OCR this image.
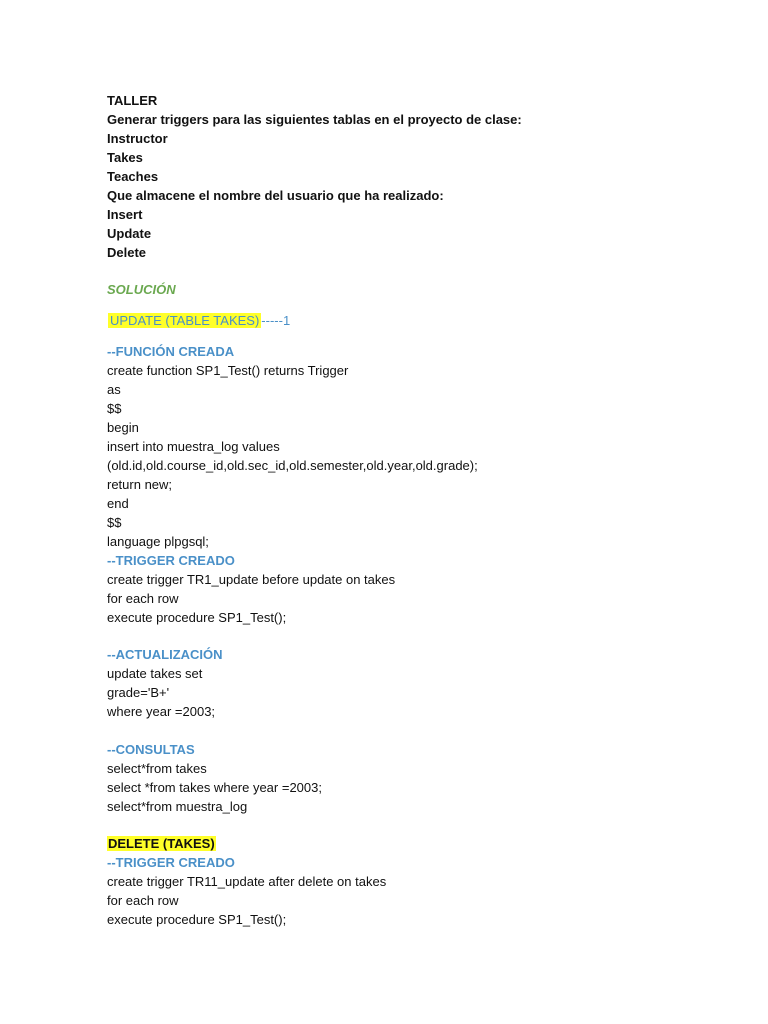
TALLER

Generar triggers para las siguientes tablas en el proyecto de clase:

Instructor

Takes

Teaches

Que almacene el nombre del usuario que ha realizado:

Insert

Update

Delete

SOLUCIÓN

UPDATE (TABLE TAKES) -----1

--FUNCIÓN CREADA

create function SP1_Test() returns Trigger

as

$$

begin

insert into muestra_log values

(old.id,old.course_id,old.sec_id,old.semester,old.year,old.grade);

return new;

end

$$

language plpgsql;

--TRIGGER CREADO

create trigger TR1_update before update on takes

for each row

execute procedure SP1_Test();

--ACTUALIZACIÓN

update takes set

grade='B+'

where year =2003;

--CONSULTAS

select*from takes

select *from takes where year =2003;

select*from muestra_log

DELETE (TAKES)

--TRIGGER CREADO

create trigger TR11_update after delete on takes

for each row

execute procedure SP1_Test();
